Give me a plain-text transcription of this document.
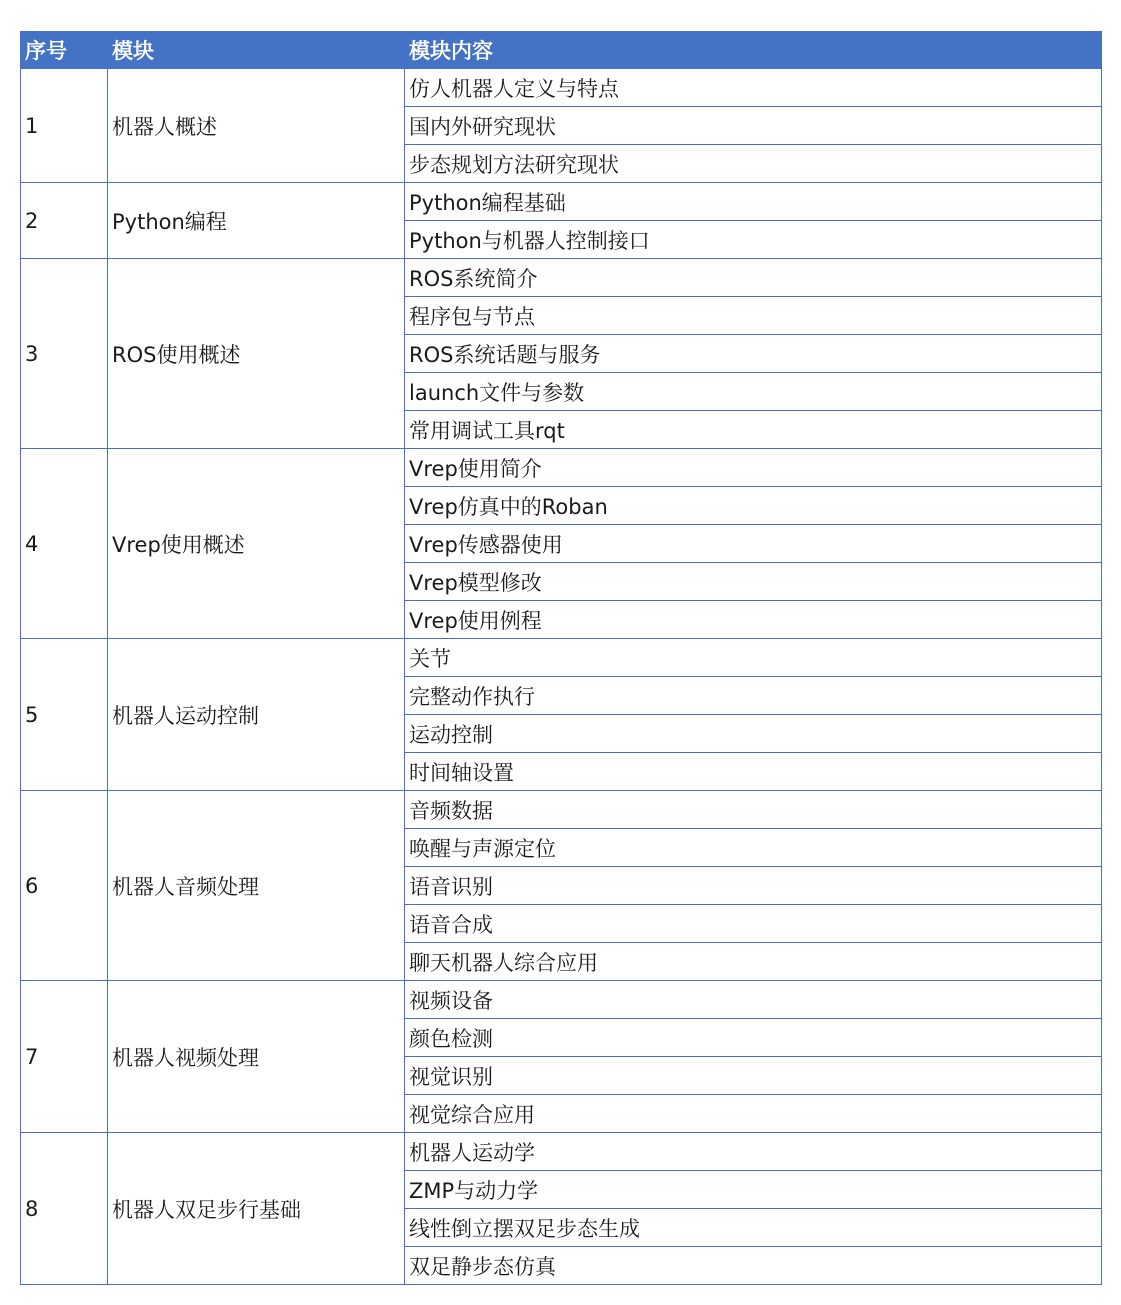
序号	模块	模块内容
1	机器人概述	仿人机器人定义与特点
		国内外研究现状
		步态规划方法研究现状
2	Python编程	Python编程基础
		Python与机器人控制接口
3	ROS使用概述	ROS系统简介
		程序包与节点
		ROS系统话题与服务
		launch文件与参数
		常用调试工具rqt
4	Vrep使用概述	Vrep使用简介
		Vrep仿真中的Roban
		Vrep传感器使用
		Vrep模型修改
		Vrep使用例程
5	机器人运动控制	关节
		完整动作执行
		运动控制
		时间轴设置
6	机器人音频处理	音频数据
		唤醒与声源定位
		语音识别
		语音合成
		聊天机器人综合应用
7	机器人视频处理	视频设备
		颜色检测
		视觉识别
		视觉综合应用
8	机器人双足步行基础	机器人运动学
		ZMP与动力学
		线性倒立摆双足步态生成
		双足静步态仿真
